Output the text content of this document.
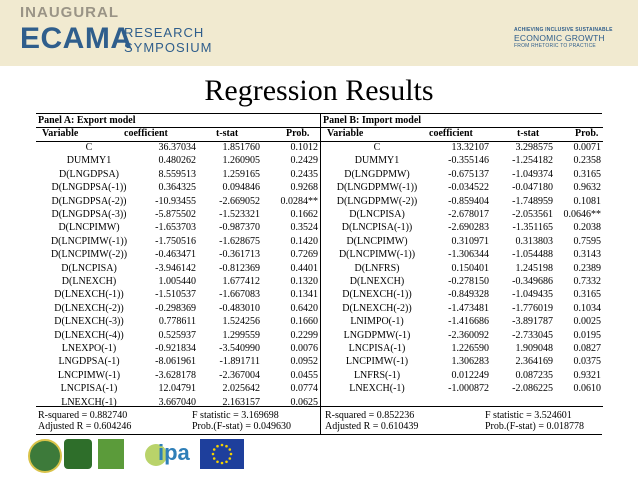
INAUGURAL
ECAMA
RESEARCH
SYMPOSIUM
ACHIEVING INCLUSIVE SUSTAINABLE
ECONOMIC GROWTH
FROM RHETORIC TO PRACTICE
Regression Results
Panel A: Export model
Variable	coefficient	t-stat	Prob.
R-squared = 0.882740
Adjusted R = 0.604246
F statistic = 3.169698
Prob.(F-stat) = 0.049630
C	36.37034	1.851760	0.1012
DUMMY1	0.480262	1.260905	0.2429
D(LNGDPSA)	8.559513	1.259165	0.2435
D(LNGDPSA(-1))	0.364325	0.094846	0.9268
D(LNGDPSA(-2))	-10.93455	-2.669052	0.0284**
D(LNGDPSA(-3))	-5.875502	-1.523321	0.1662
D(LNCPIMW)	-1.653703	-0.987370	0.3524
D(LNCPIMW(-1))	-1.750516	-1.628675	0.1420
D(LNCPIMW(-2))	-0.463471	-0.361713	0.7269
D(LNCPISA)	-3.946142	-0.812369	0.4401
D(LNEXCH)	1.005440	1.677412	0.1320
D(LNEXCH(-1))	-1.510537	-1.667083	0.1341
D(LNEXCH(-2))	-0.298369	-0.483010	0.6420
D(LNEXCH(-3))	0.778611	1.524256	0.1660
D(LNEXCH(-4))	0.525937	1.299559	0.2299
LNEXPO(-1)	-0.921834	-3.540990	0.0076
LNGDPSA(-1)	-8.061961	-1.891711	0.0952
LNCPIMW(-1)	-3.628178	-2.367004	0.0455
LNCPISA(-1)	12.04791	2.025642	0.0774
LNEXCH(-1)	3.667040	2.163157	0.0625
Panel B: Import model
Variable	coefficient	t-stat	Prob.
R-squared = 0.852236
Adjusted R = 0.610439
F statistic = 3.524601
Prob.(F-stat) = 0.018778
C	13.32107	3.298575	0.0071
DUMMY1	-0.355146	-1.254182	0.2358
D(LNGDPMW)	-0.675137	-1.049374	0.3165
D(LNGDPMW(-1))	-0.034522	-0.047180	0.9632
D(LNGDPMW(-2))	-0.859404	-1.748959	0.1081
D(LNCPISA)	-2.678017	-2.053561	0.0646**
D(LNCPISA(-1))	-2.690283	-1.351165	0.2038
D(LNCPIMW)	0.310971	0.313803	0.7595
D(LNCPIMW(-1))	-1.306344	-1.054488	0.3143
D(LNFRS)	0.150401	1.245198	0.2389
D(LNEXCH)	-0.278150	-0.349686	0.7332
D(LNEXCH(-1))	-0.849328	-1.049435	0.3165
D(LNEXCH(-2))	-1.473481	-1.776019	0.1034
LNIMPO(-1)	-1.416686	-3.891787	0.0025
LNGDPMW(-1)	-2.360092	-2.733045	0.0195
LNCPISA(-1)	1.226590	1.909048	0.0827
LNCPIMW(-1)	1.306283	2.364169	0.0375
LNFRS(-1)	0.012249	0.087235	0.9321
LNEXCH(-1)	-1.000872	-2.086225	0.0610
ipa
